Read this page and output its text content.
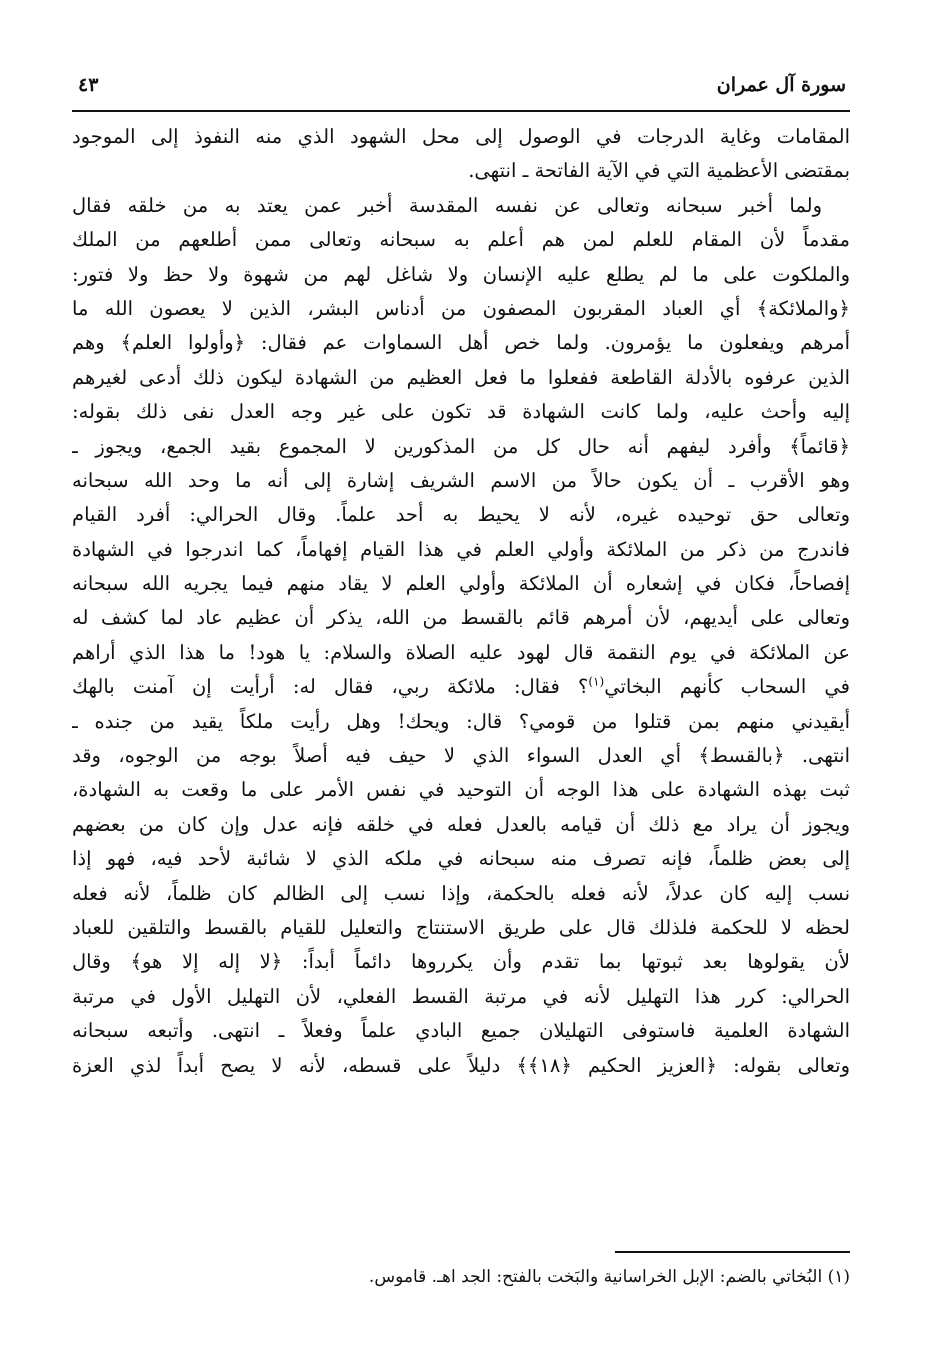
سورة آل عمران
٤٣
المقامات وغاية الدرجات في الوصول إلى محل الشهود الذي منه النفوذ إلى الموجود
بمقتضى الأعظمية التي في الآية الفاتحة ـ انتهى.
ولما أخبر سبحانه وتعالى عن نفسه المقدسة أخبر عمن يعتد به من خلقه فقال
مقدماً لأن المقام للعلم لمن هم أعلم به سبحانه وتعالى ممن أطلعهم من الملك
والملكوت على ما لم يطلع عليه الإنسان ولا شاغل لهم من شهوة ولا حظ ولا فتور:
﴿والملائكة﴾ أي العباد المقربون المصفون من أدناس البشر، الذين لا يعصون الله ما
أمرهم ويفعلون ما يؤمرون. ولما خص أهل السماوات عم فقال: ﴿وأولوا العلم﴾ وهم
الذين عرفوه بالأدلة القاطعة ففعلوا ما فعل العظيم من الشهادة ليكون ذلك أدعى لغيرهم
إليه وأحث عليه، ولما كانت الشهادة قد تكون على غير وجه العدل نفى ذلك بقوله:
﴿قائماً﴾ وأفرد ليفهم أنه حال كل من المذكورين لا المجموع بقيد الجمع، ويجوز ـ
وهو الأقرب ـ أن يكون حالاً من الاسم الشريف إشارة إلى أنه ما وحد الله سبحانه
وتعالى حق توحيده غيره، لأنه لا يحيط به أحد علماً. وقال الحرالي: أفرد القيام
فاندرج من ذكر من الملائكة وأولي العلم في هذا القيام إفهاماً، كما اندرجوا في الشهادة
إفصاحاً، فكان في إشعاره أن الملائكة وأولي العلم لا يقاد منهم فيما يجريه الله سبحانه
وتعالى على أيديهم، لأن أمرهم قائم بالقسط من الله، يذكر أن عظيم عاد لما كشف له
عن الملائكة في يوم النقمة قال لهود عليه الصلاة والسلام: يا هود! ما هذا الذي أراهم
في السحاب كأنهم البخاتي$^{(١)}$؟ فقال: ملائكة ربي، فقال له: أرأيت إن آمنت بالهك
أيقيدني منهم بمن قتلوا من قومي؟ قال: ويحك! وهل رأيت ملكاً يقيد من جنده ـ
انتهى. ﴿بالقسط﴾ أي العدل السواء الذي لا حيف فيه أصلاً بوجه من الوجوه، وقد
ثبت بهذه الشهادة على هذا الوجه أن التوحيد في نفس الأمر على ما وقعت به الشهادة،
ويجوز أن يراد مع ذلك أن قيامه بالعدل فعله في خلقه فإنه عدل وإن كان من بعضهم
إلى بعض ظلماً، فإنه تصرف منه سبحانه في ملكه الذي لا شائبة لأحد فيه، فهو إذا
نسب إليه كان عدلاً، لأنه فعله بالحكمة، وإذا نسب إلى الظالم كان ظلماً، لأنه فعله
لحظه لا للحكمة فلذلك قال على طريق الاستنتاج والتعليل للقيام بالقسط والتلقين للعباد
لأن يقولوها بعد ثبوتها بما تقدم وأن يكرروها دائماً أبداً: ﴿لا إله إلا هو﴾ وقال
الحرالي: كرر هذا التهليل لأنه في مرتبة القسط الفعلي، لأن التهليل الأول في مرتبة
الشهادة العلمية فاستوفى التهليلان جميع البادي علماً وفعلاً ـ انتهى. وأتبعه سبحانه
وتعالى بقوله: ﴿العزيز الحكيم ﴿١٨﴾﴾ دليلاً على قسطه، لأنه لا يصح أبداً لذي العزة
(١) البُخاتي بالضم: الإبل الخراسانية والبَخت بالفتح: الجد اهـ. قاموس.
